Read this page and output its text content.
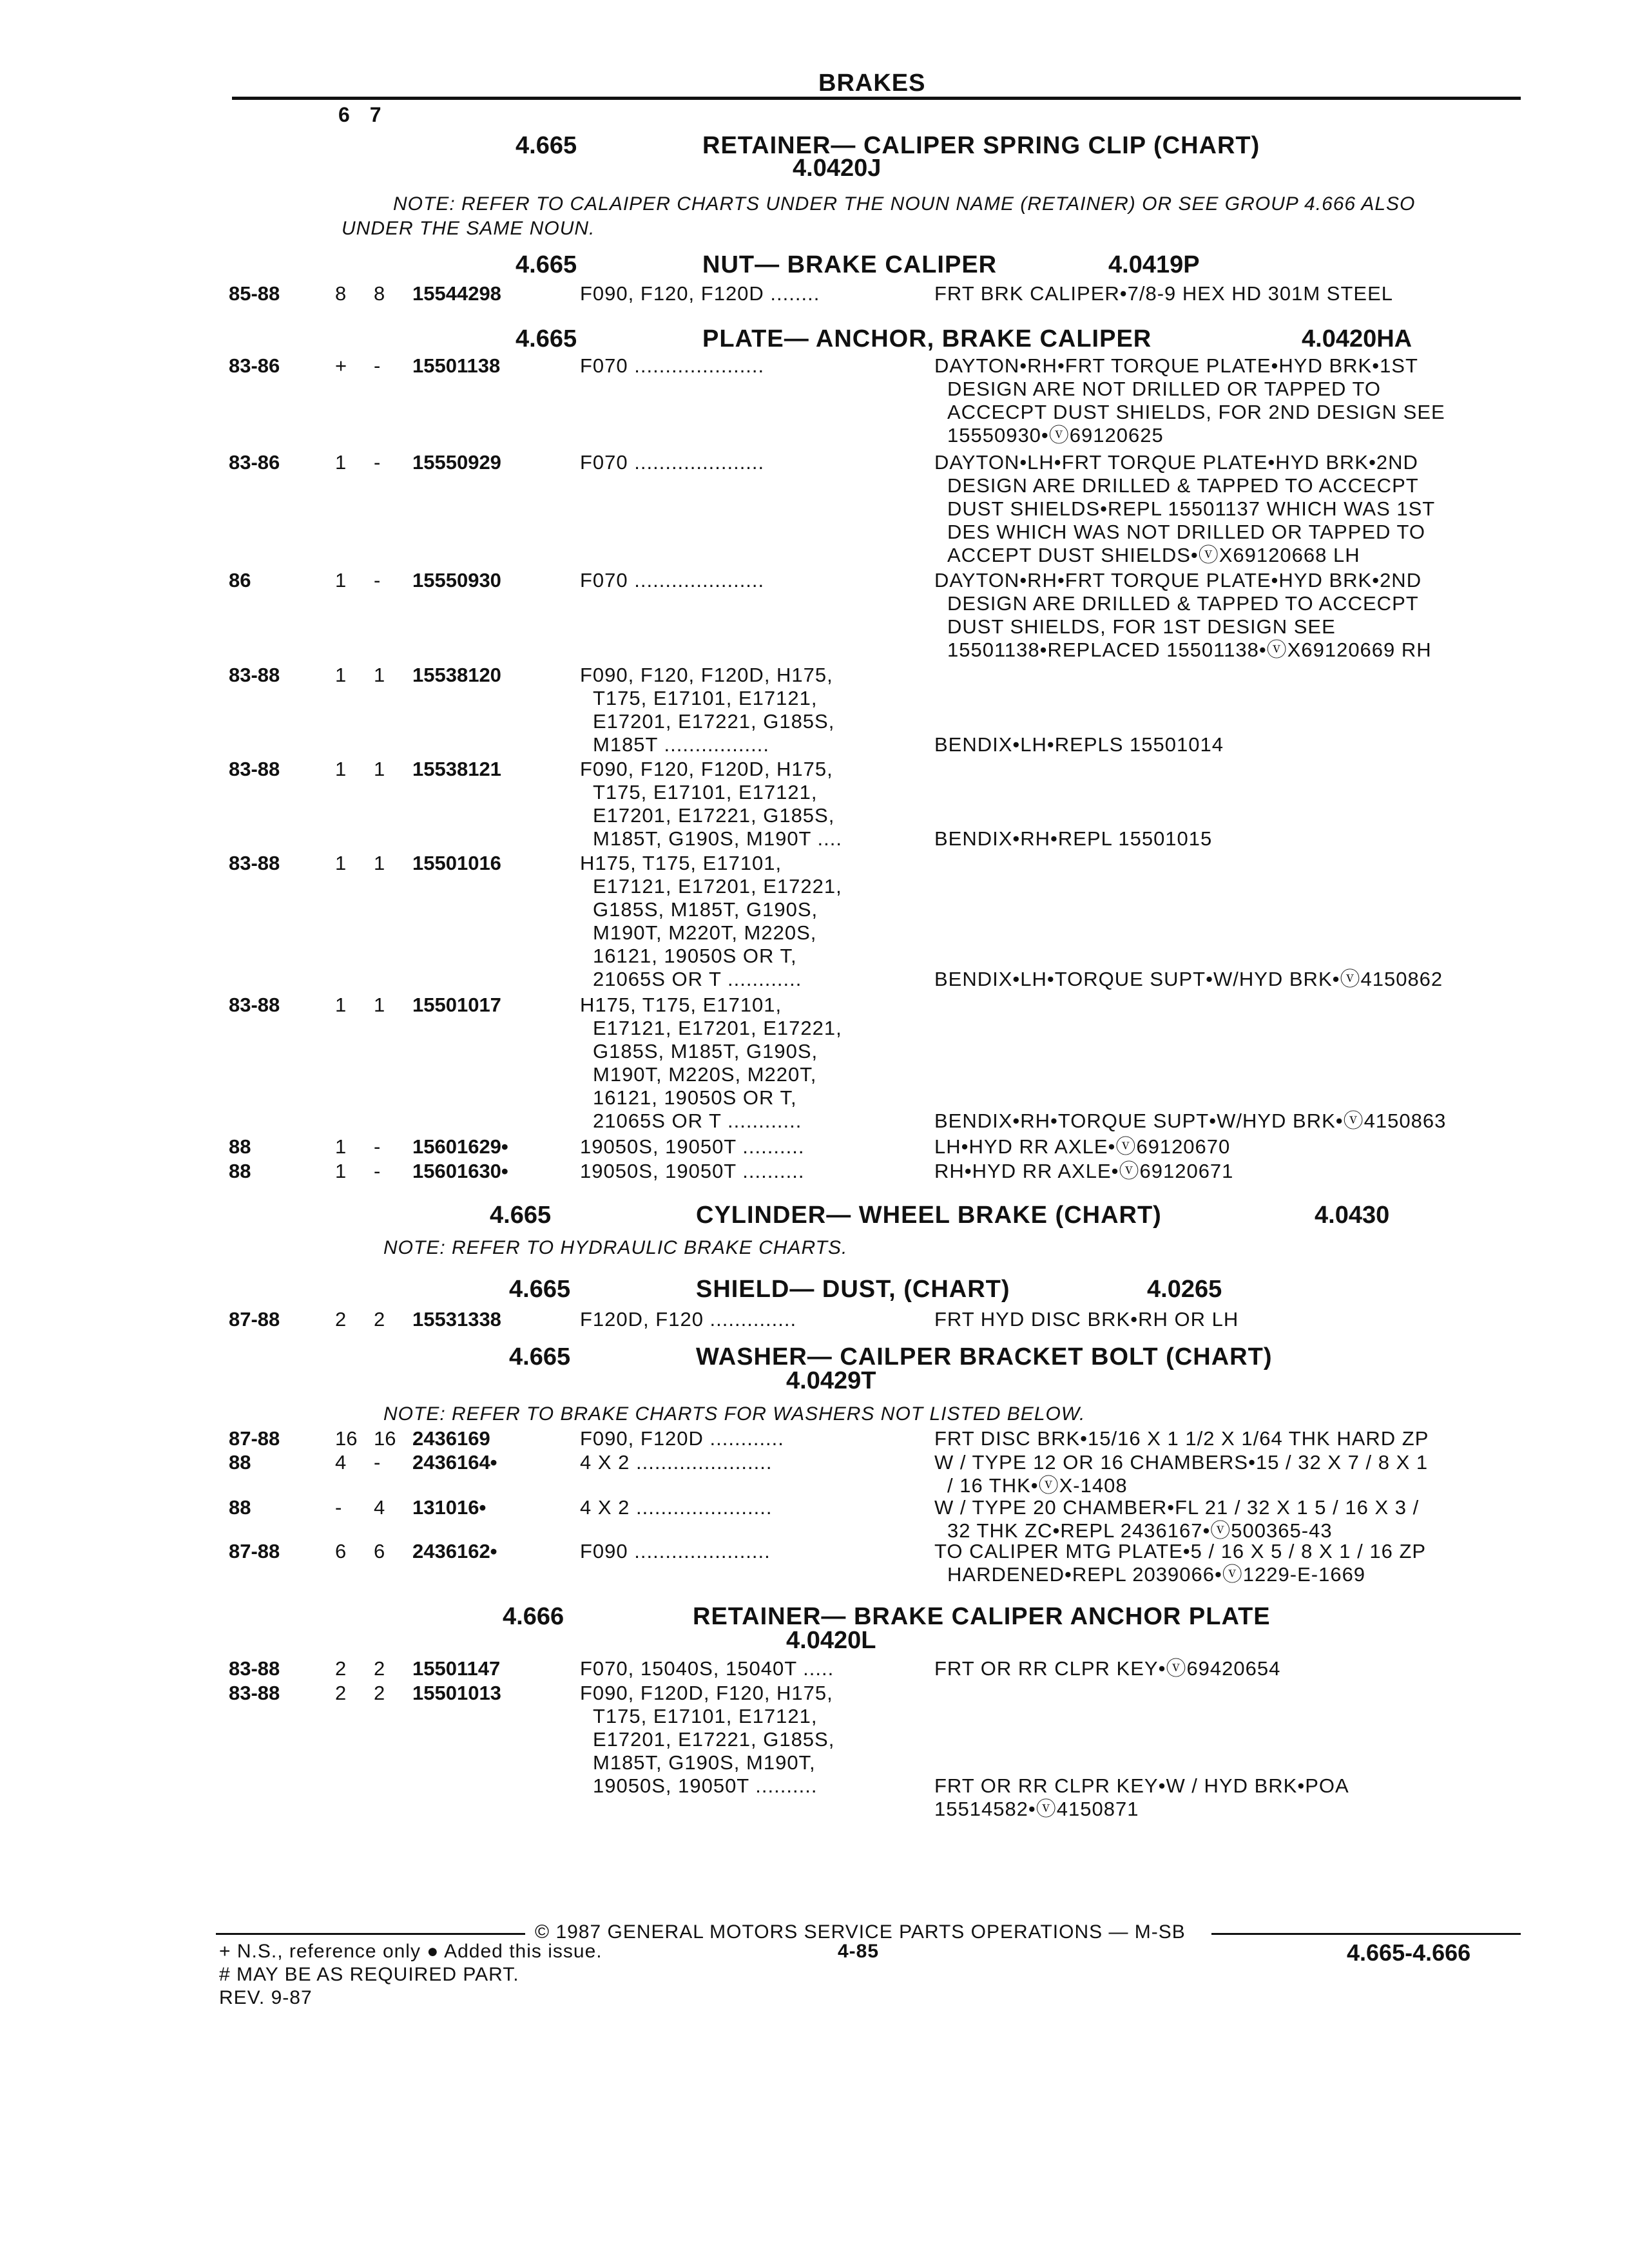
BRAKES
6 7
4.665	RETAINER— CALIPER SPRING CLIP (CHART)
4.0420J
NOTE: REFER TO CALAIPER CHARTS UNDER THE NOUN NAME (RETAINER) OR SEE GROUP 4.666 ALSO
UNDER THE SAME NOUN.
4.665	NUT— BRAKE CALIPER	4.0419P
4.665	PLATE— ANCHOR, BRAKE CALIPER	4.0420HA
4.665	CYLINDER— WHEEL BRAKE (CHART)	4.0430
NOTE: REFER TO HYDRAULIC BRAKE CHARTS.
4.665	SHIELD— DUST, (CHART)	4.0265
4.665	WASHER— CAILPER BRACKET BOLT (CHART)
4.0429T
NOTE: REFER TO BRAKE CHARTS FOR WASHERS NOT LISTED BELOW.
4.666	RETAINER— BRAKE CALIPER ANCHOR PLATE
4.0420L
85-88	8 8 15544298	F090, F120, F120D ........	FRT BRK CALIPER•7/8-9 HEX HD 301M STEEL
83-86	+ - 15501138	F070 .....................	DAYTON•RH•FRT TORQUE PLATE•HYD BRK•1ST
DESIGN ARE NOT DRILLED OR TAPPED TO
ACCECPT DUST SHIELDS, FOR 2ND DESIGN SEE
15550930•ⓥ69120625
83-86	1 - 15550929	F070 .....................	DAYTON•LH•FRT TORQUE PLATE•HYD BRK•2ND
DESIGN ARE DRILLED & TAPPED TO ACCECPT
DUST SHIELDS•REPL 15501137 WHICH WAS 1ST
DES WHICH WAS NOT DRILLED OR TAPPED TO
ACCEPT DUST SHIELDS•ⓥX69120668 LH
86	1 - 15550930	F070 .....................	DAYTON•RH•FRT TORQUE PLATE•HYD BRK•2ND
DESIGN ARE DRILLED & TAPPED TO ACCECPT
DUST SHIELDS, FOR 1ST DESIGN SEE
15501138•REPLACED 15501138•ⓥX69120669 RH
83-88	1 1 15538120	F090, F120, F120D, H175,
T175, E17101, E17121,
E17201, E17221, G185S,
M185T .................	BENDIX•LH•REPLS 15501014
83-88	1 1 15538121	F090, F120, F120D, H175,
T175, E17101, E17121,
E17201, E17221, G185S,
M185T, G190S, M190T ....	BENDIX•RH•REPL 15501015
83-88	1 1 15501016	H175, T175, E17101,
E17121, E17201, E17221,
G185S, M185T, G190S,
M190T, M220T, M220S,
16121, 19050S OR T,
21065S OR T ............	BENDIX•LH•TORQUE SUPT•W/HYD BRK•ⓥ4150862
83-88	1 1 15501017	H175, T175, E17101,
E17121, E17201, E17221,
G185S, M185T, G190S,
M190T, M220S, M220T,
16121, 19050S OR T,
21065S OR T ............	BENDIX•RH•TORQUE SUPT•W/HYD BRK•ⓥ4150863
88	1 - 15601629•	19050S, 19050T ..........	LH•HYD RR AXLE•ⓥ69120670
88	1 - 15601630•	19050S, 19050T ..........	RH•HYD RR AXLE•ⓥ69120671
87-88	2 2 15531338	F120D, F120 ..............	FRT HYD DISC BRK•RH OR LH
87-88	16 16 2436169	F090, F120D ............	FRT DISC BRK•15/16 X 1 1/2 X 1/64 THK HARD ZP
88	4 - 2436164•	4 X 2 ......................	W / TYPE 12 OR 16 CHAMBERS•15 / 32 X 7 / 8 X 1
/ 16 THK•ⓥX-1408
88	- 4 131016•	4 X 2 ......................	W / TYPE 20 CHAMBER•FL 21 / 32 X 1 5 / 16 X 3 /
32 THK ZC•REPL 2436167•ⓥ500365-43
87-88	6 6 2436162•	F090 ......................	TO CALIPER MTG PLATE•5 / 16 X 5 / 8 X 1 / 16 ZP
HARDENED•REPL 2039066•ⓥ1229-E-1669
83-88	2 2 15501147	F070, 15040S, 15040T .....	FRT OR RR CLPR KEY•ⓥ69420654
83-88	2 2 15501013	F090, F120D, F120, H175,
T175, E17101, E17121,
E17201, E17221, G185S,
M185T, G190S, M190T,
19050S, 19050T ..........	FRT OR RR CLPR KEY•W / HYD BRK•POA
15514582•ⓥ4150871
© 1987 GENERAL MOTORS SERVICE PARTS OPERATIONS — M-SB
+ N.S., reference only ● Added this issue.
# MAY BE AS REQUIRED PART.
REV. 9-87
4-85	4.665-4.666
